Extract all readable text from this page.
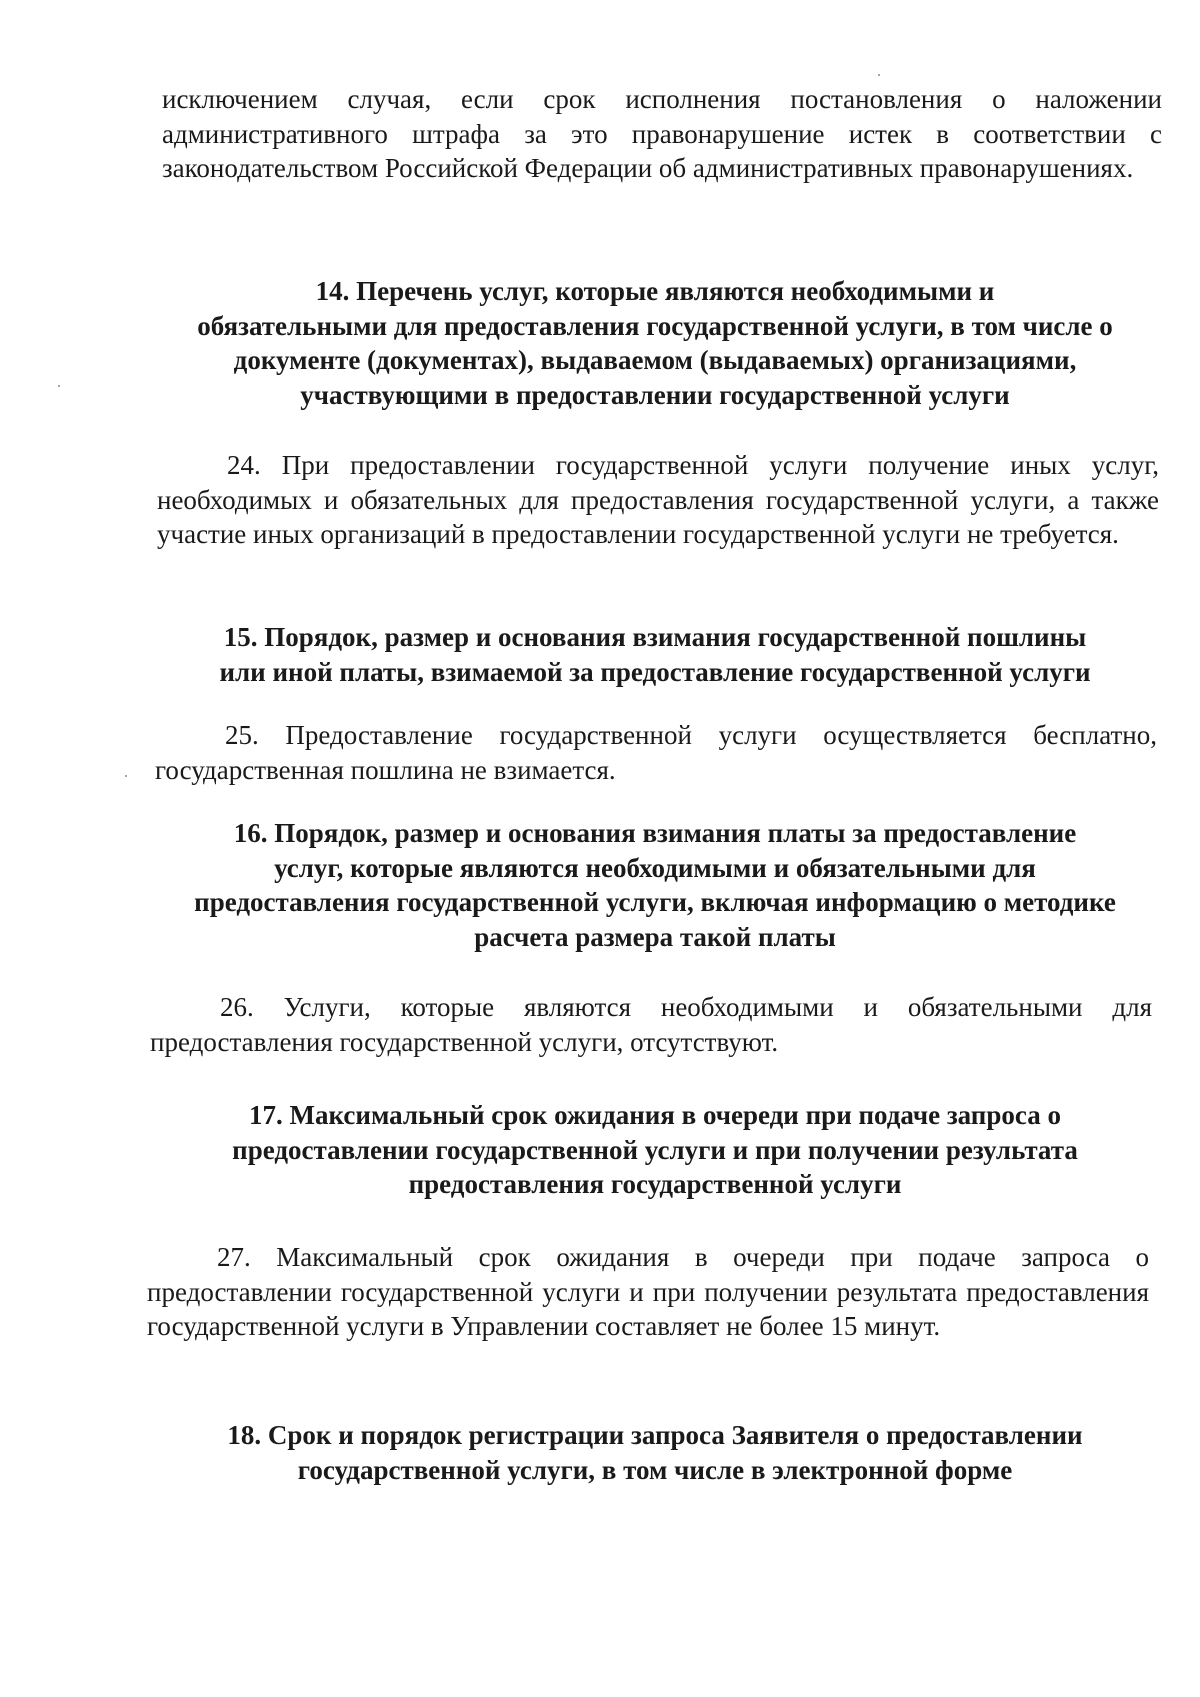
исключением случая, если срок исполнения постановления о наложении административного штрафа за это правонарушение истек в соответствии с законодательством Российской Федерации об административных правонарушениях.

14. Перечень услуг, которые являются необходимыми и
обязательными для предоставления государственной услуги, в том числе о
документе (документах), выдаваемом (выдаваемых) организациями,
участвующими в предоставлении государственной услуги

24. При предоставлении государственной услуги получение иных услуг, необходимых и обязательных для предоставления государственной услуги, а также участие иных организаций в предоставлении государственной услуги не требуется.

15. Порядок, размер и основания взимания государственной пошлины
или иной платы, взимаемой за предоставление государственной услуги

25. Предоставление государственной услуги осуществляется бесплатно, государственная пошлина не взимается.

16. Порядок, размер и основания взимания платы за предоставление
услуг, которые являются необходимыми и обязательными для
предоставления государственной услуги, включая информацию о методике
расчета размера такой платы

26. Услуги, которые являются необходимыми и обязательными для предоставления государственной услуги, отсутствуют.

17. Максимальный срок ожидания в очереди при подаче запроса о
предоставлении государственной услуги и при получении результата
предоставления государственной услуги

27. Максимальный срок ожидания в очереди при подаче запроса о предоставлении государственной услуги и при получении результата предоставления государственной услуги в Управлении составляет не более 15 минут.

18. Срок и порядок регистрации запроса Заявителя о предоставлении
государственной услуги, в том числе в электронной форме
